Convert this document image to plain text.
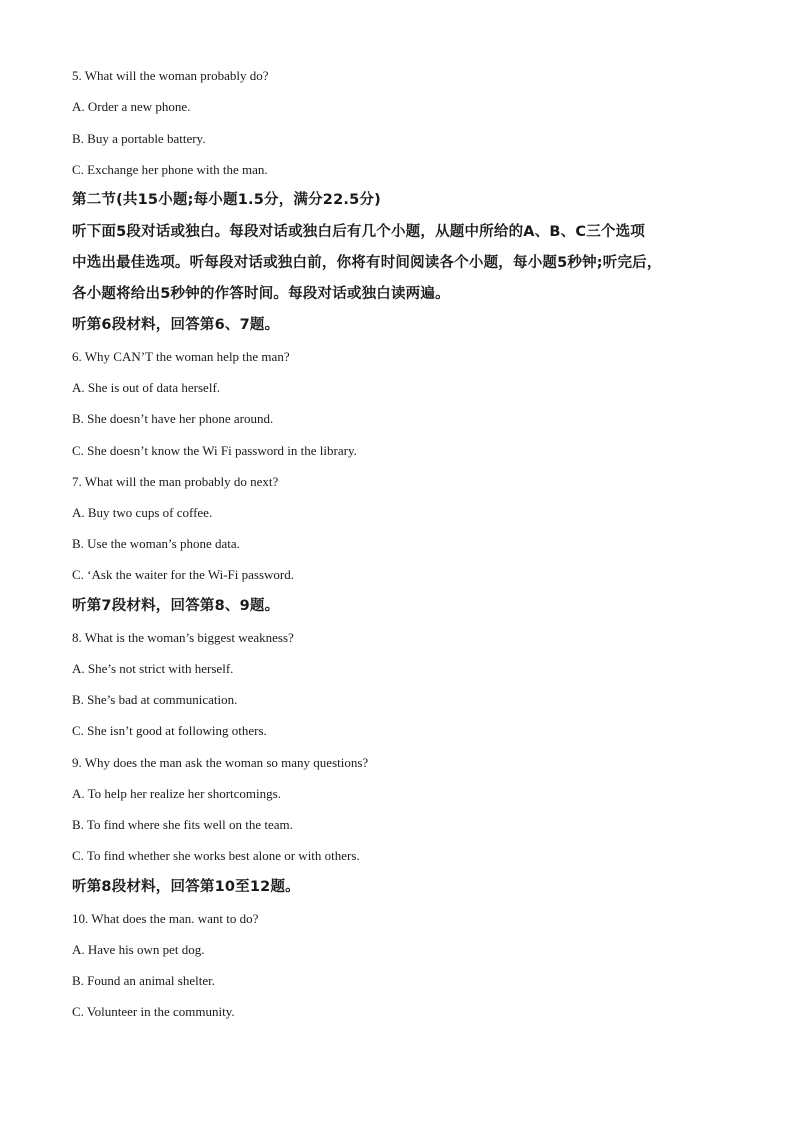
5. What will the woman probably do?
A. Order a new phone.
B. Buy a portable battery.
C. Exchange her phone with the man.
第二节(共15小题;每小题1.5分，满分22.5分)
听下面5段对话或独白。每段对话或独白后有几个小题，从题中所给的A、B、C三个选项
中选出最佳选项。听每段对话或独白前，你将有时间阅读各个小题，每小题5秒钟;听完后，
各小题将给出5秒钟的作答时间。每段对话或独白读两遍。
听第6段材料，回答第6、7题。
6. Why CAN’T the woman help the man?
A. She is out of data herself.
B. She doesn’t have her phone around.
C. She doesn’t know the Wi Fi password in the library.
7. What will the man probably do next?
A. Buy two cups of coffee.
B. Use the woman’s phone data.
C. ‘Ask the waiter for the Wi-Fi password.
听第7段材料，回答第8、9题。
8. What is the woman’s biggest weakness?
A. She’s not strict with herself.
B. She’s bad at communication.
C. She isn’t good at following others.
9. Why does the man ask the woman so many questions?
A. To help her realize her shortcomings.
B. To find where she fits well on the team.
C. To find whether she works best alone or with others.
听第8段材料，回答第10至12题。
10. What does the man. want to do?
A. Have his own pet dog.
B. Found an animal shelter.
C. Volunteer in the community.
